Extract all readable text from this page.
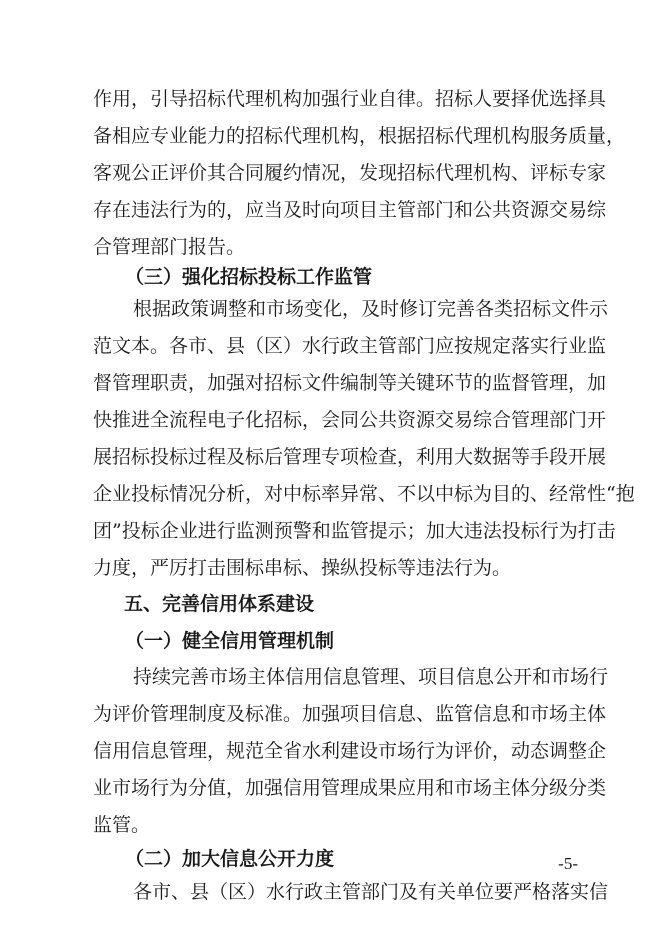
作用，引导招标代理机构加强行业自律。招标人要择优选择具
备相应专业能力的招标代理机构，根据招标代理机构服务质量，
客观公正评价其合同履约情况，发现招标代理机构、评标专家
存在违法行为的，应当及时向项目主管部门和公共资源交易综
合管理部门报告。
（三）强化招标投标工作监管
根据政策调整和市场变化，及时修订完善各类招标文件示
范文本。各市、县（区）水行政主管部门应按规定落实行业监
督管理职责，加强对招标文件编制等关键环节的监督管理，加
快推进全流程电子化招标，会同公共资源交易综合管理部门开
展招标投标过程及标后管理专项检查，利用大数据等手段开展
企业投标情况分析，对中标率异常、不以中标为目的、经常性“抱
团”投标企业进行监测预警和监管提示；加大违法投标行为打击
力度，严厉打击围标串标、操纵投标等违法行为。
五、完善信用体系建设
（一）健全信用管理机制
持续完善市场主体信用信息管理、项目信息公开和市场行
为评价管理制度及标准。加强项目信息、监管信息和市场主体
信用信息管理，规范全省水利建设市场行为评价，动态调整企
业市场行为分值，加强信用管理成果应用和市场主体分级分类
监管。
（二）加大信息公开力度
各市、县（区）水行政主管部门及有关单位要严格落实信
-5-
